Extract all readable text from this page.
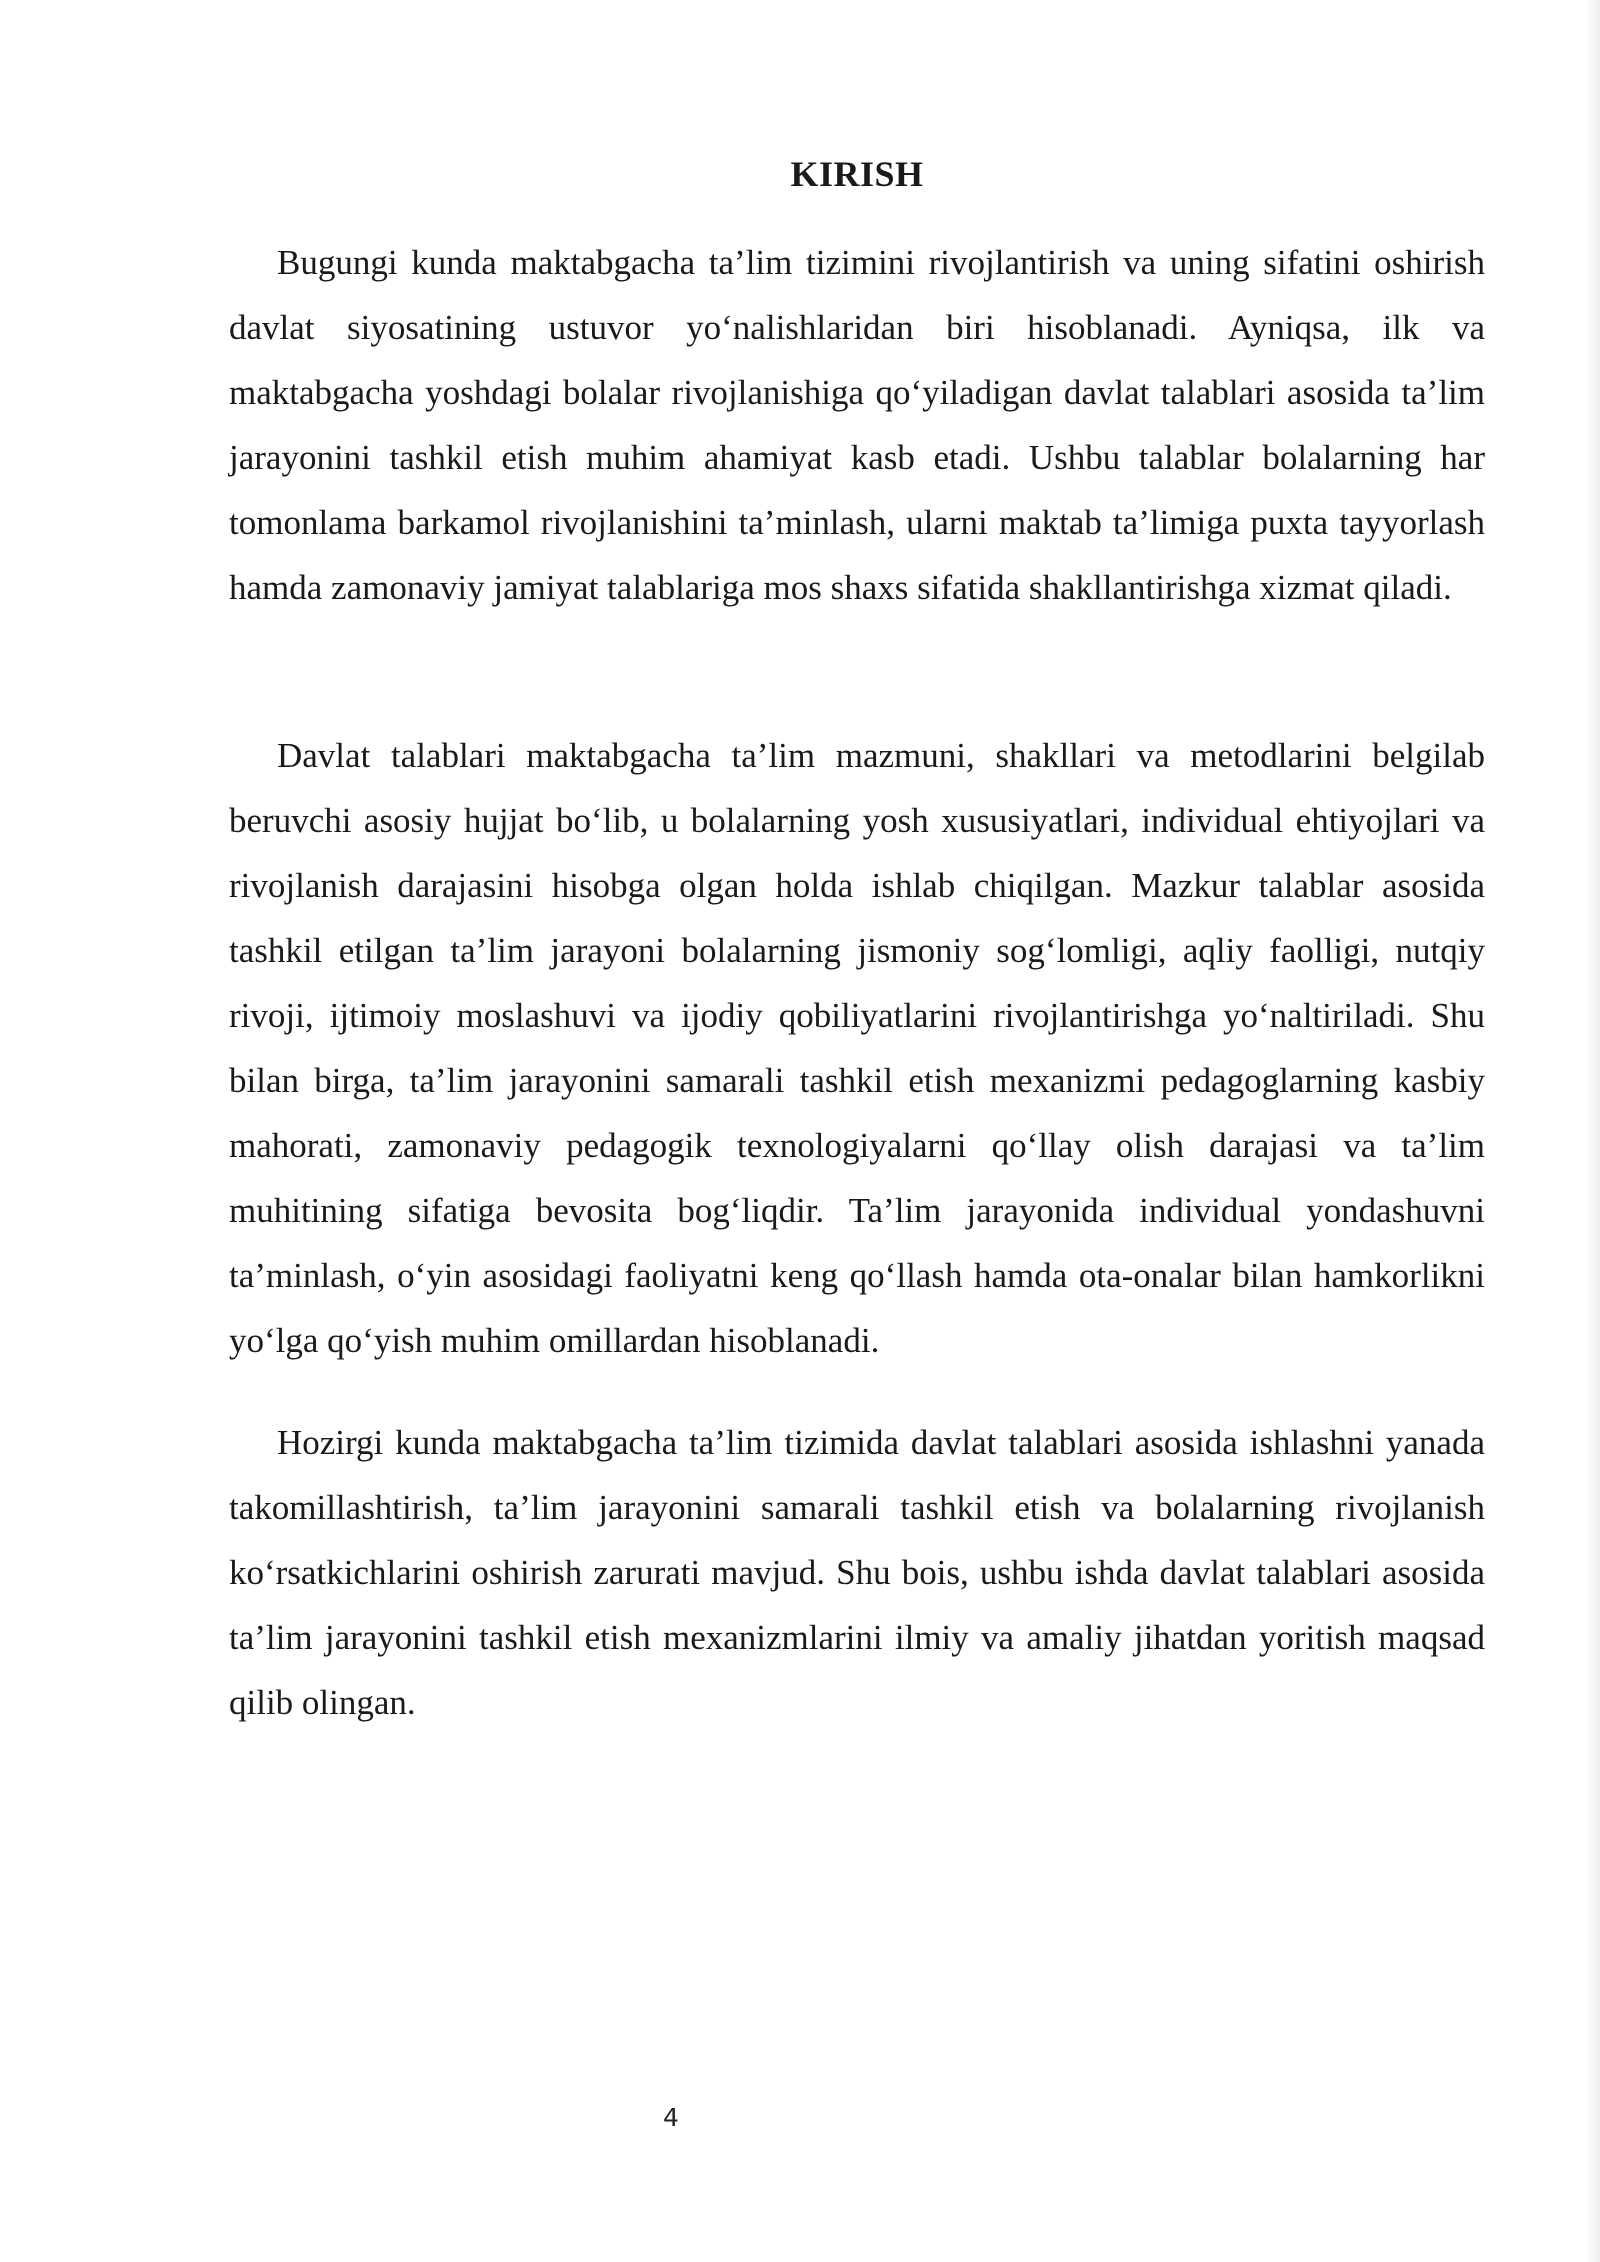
KIRISH

Bugungi kunda maktabgacha ta’lim tizimini rivojlantirish va uning sifatini oshirish davlat siyosatining ustuvor yo‘nalishlaridan biri hisoblanadi. Ayniqsa, ilk va maktabgacha yoshdagi bolalar rivojlanishiga qo‘yiladigan davlat talablari asosida ta’lim jarayonini tashkil etish muhim ahamiyat kasb etadi. Ushbu talablar bolalarning har tomonlama barkamol rivojlanishini ta’minlash, ularni maktab ta’limiga puxta tayyorlash hamda zamonaviy jamiyat talablariga mos shaxs sifatida shakllantirishga xizmat qiladi.

Davlat talablari maktabgacha ta’lim mazmuni, shakllari va metodlarini belgilab beruvchi asosiy hujjat bo‘lib, u bolalarning yosh xususiyatlari, individual ehtiyojlari va rivojlanish darajasini hisobga olgan holda ishlab chiqilgan. Mazkur talablar asosida tashkil etilgan ta’lim jarayoni bolalarning jismoniy sog‘lomligi, aqliy faolligi, nutqiy rivoji, ijtimoiy moslashuvi va ijodiy qobiliyatlarini rivojlantirishga yo‘naltiriladi. Shu bilan birga, ta’lim jarayonini samarali tashkil etish mexanizmi pedagoglarning kasbiy mahorati, zamonaviy pedagogik texnologiyalarni qo‘llay olish darajasi va ta’lim muhitining sifatiga bevosita bog‘liqdir. Ta’lim jarayonida individual yondashuvni ta’minlash, o‘yin asosidagi faoliyatni keng qo‘llash hamda ota-onalar bilan hamkorlikni yo‘lga qo‘yish muhim omillardan hisoblanadi.

Hozirgi kunda maktabgacha ta’lim tizimida davlat talablari asosida ishlashni yanada takomillashtirish, ta’lim jarayonini samarali tashkil etish va bolalarning rivojlanish ko‘rsatkichlarini oshirish zarurati mavjud. Shu bois, ushbu ishda davlat talablari asosida ta’lim jarayonini tashkil etish mexanizmlarini ilmiy va amaliy jihatdan yoritish maqsad qilib olingan.

4
